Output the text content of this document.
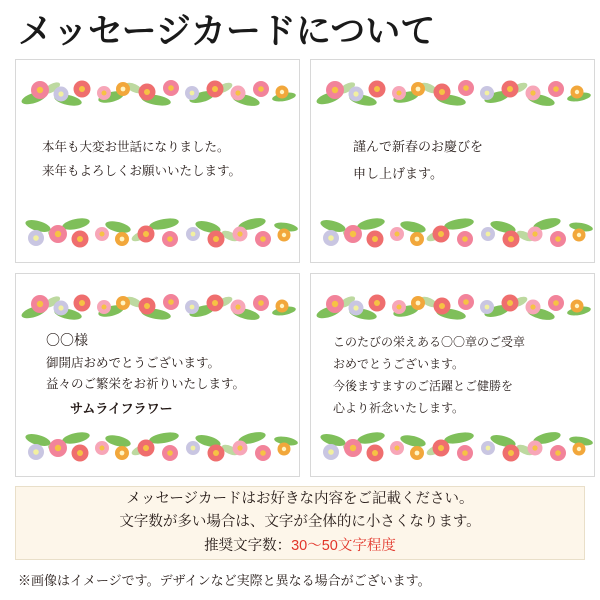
メッセージカードについて
本年も大変お世話になりました。
来年もよろしくお願いいたします。
謹んで新春のお慶びを
申し上げます。
〇〇様
御開店おめでとうございます。
益々のご繁栄をお祈りいたします。
サムライフラワー
このたびの栄えある〇〇章のご受章
おめでとうございます。
今後ますますのご活躍とご健勝を
心より祈念いたします。
メッセージカードはお好きな内容をご記載ください。
文字数が多い場合は、文字が全体的に小さくなります。
推奨文字数：30〜50文字程度
※画像はイメージです。デザインなど実際と異なる場合がございます。
